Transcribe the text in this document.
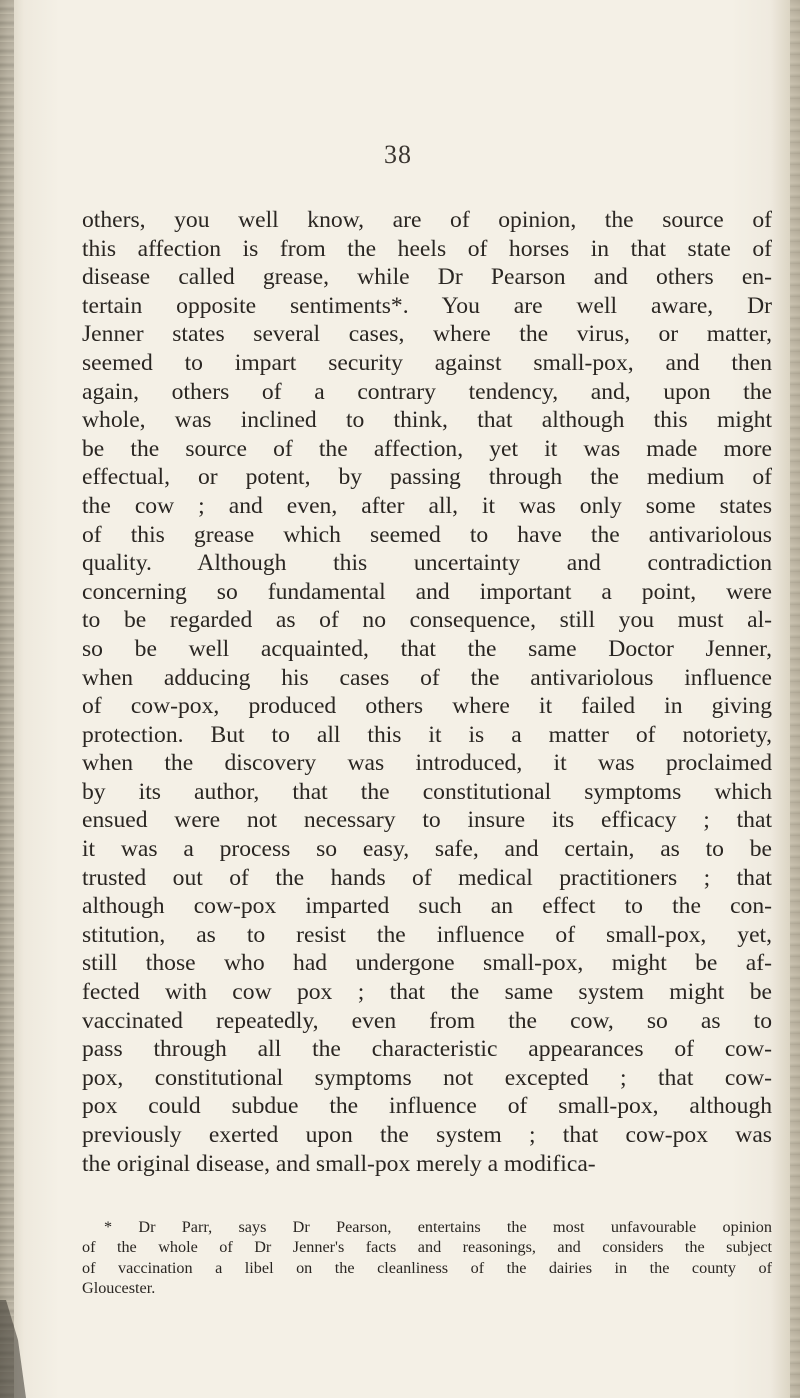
38
others, you well know, are of opinion, the source of
this affection is from the heels of horses in that state of
disease called grease, while Dr Pearson and others en-
tertain opposite sentiments*. You are well aware, Dr
Jenner states several cases, where the virus, or matter,
seemed to impart security against small-pox, and then
again, others of a contrary tendency, and, upon the
whole, was inclined to think, that although this might
be the source of the affection, yet it was made more
effectual, or potent, by passing through the medium of
the cow ; and even, after all, it was only some states
of this grease which seemed to have the antivariolous
quality. Although this uncertainty and contradiction
concerning so fundamental and important a point, were
to be regarded as of no consequence, still you must al-
so be well acquainted, that the same Doctor Jenner,
when adducing his cases of the antivariolous influence
of cow-pox, produced others where it failed in giving
protection. But to all this it is a matter of notoriety,
when the discovery was introduced, it was proclaimed
by its author, that the constitutional symptoms which
ensued were not necessary to insure its efficacy ; that
it was a process so easy, safe, and certain, as to be
trusted out of the hands of medical practitioners ; that
although cow-pox imparted such an effect to the con-
stitution, as to resist the influence of small-pox, yet,
still those who had undergone small-pox, might be af-
fected with cow pox ; that the same system might be
vaccinated repeatedly, even from the cow, so as to
pass through all the characteristic appearances of cow-
pox, constitutional symptoms not excepted ; that cow-
pox could subdue the influence of small-pox, although
previously exerted upon the system ; that cow-pox was
the original disease, and small-pox merely a modifica-
* Dr Parr, says Dr Pearson, entertains the most unfavourable opinion
of the whole of Dr Jenner's facts and reasonings, and considers the subject
of vaccination a libel on the cleanliness of the dairies in the county of
Gloucester.
